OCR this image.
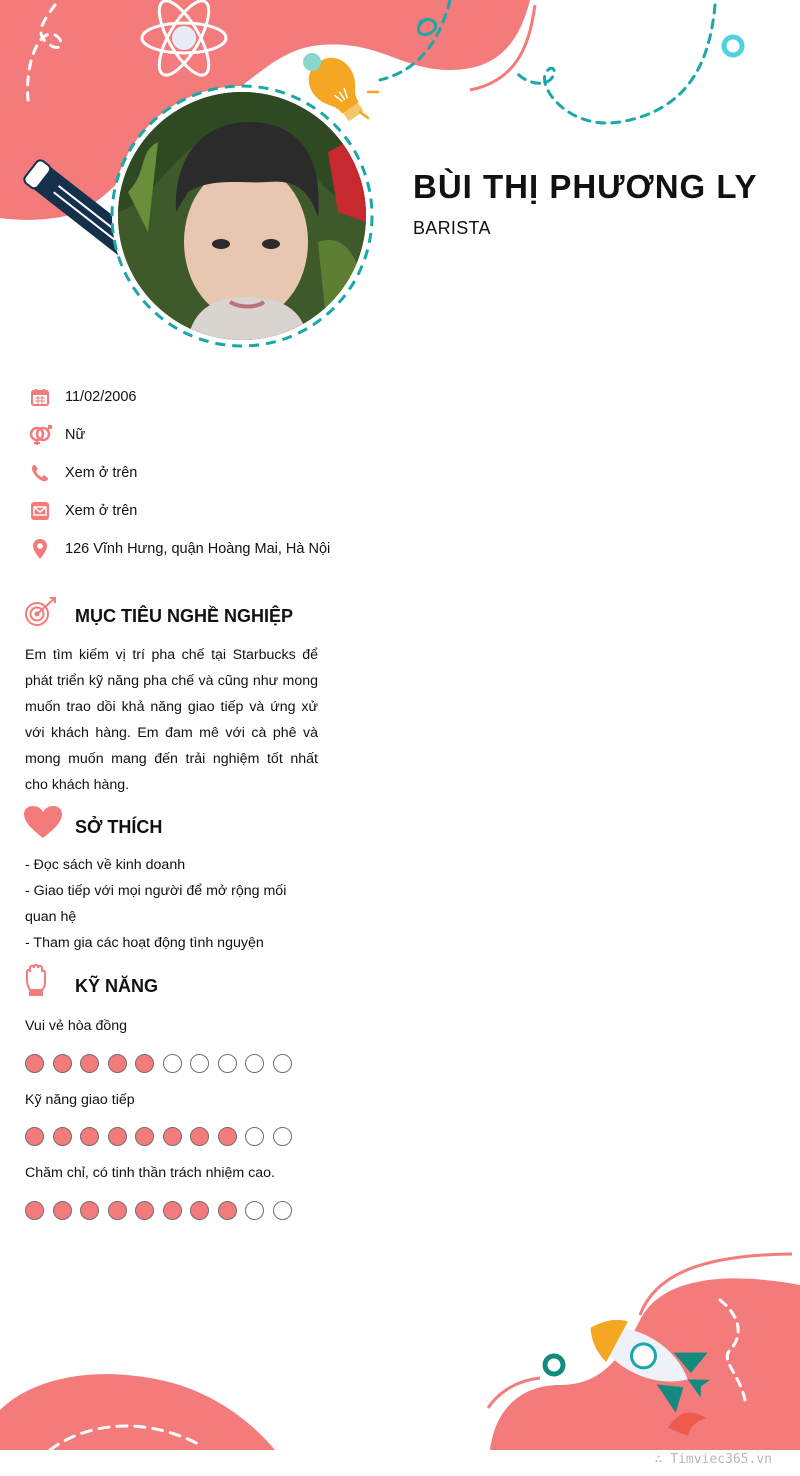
BÙI THỊ PHƯƠNG LY

BARISTA

11/02/2006
Nữ
Xem ở trên
Xem ở trên
126 Vĩnh Hưng, quận Hoàng Mai, Hà Nội
MỤC TIÊU NGHỀ NGHIỆP

Em tìm kiếm vị trí pha chế tại Starbucks để phát triển kỹ năng pha chế và cũng như mong muốn trao dồi khả năng giao tiếp và ứng xử với khách hàng. Em đam mê với cà phê và mong muốn mang đến trải nghiệm tốt nhất cho khách hàng.

SỞ THÍCH
- Đọc sách về kinh doanh
- Giao tiếp với mọi người để mở rộng mối quan hệ
- Tham gia các hoạt động tình nguyện
KỸ NĂNG

Vui vẻ hòa đồng

Kỹ năng giao tiếp

Chăm chỉ, có tinh thần trách nhiệm cao.

∴ Timviec365.vn
